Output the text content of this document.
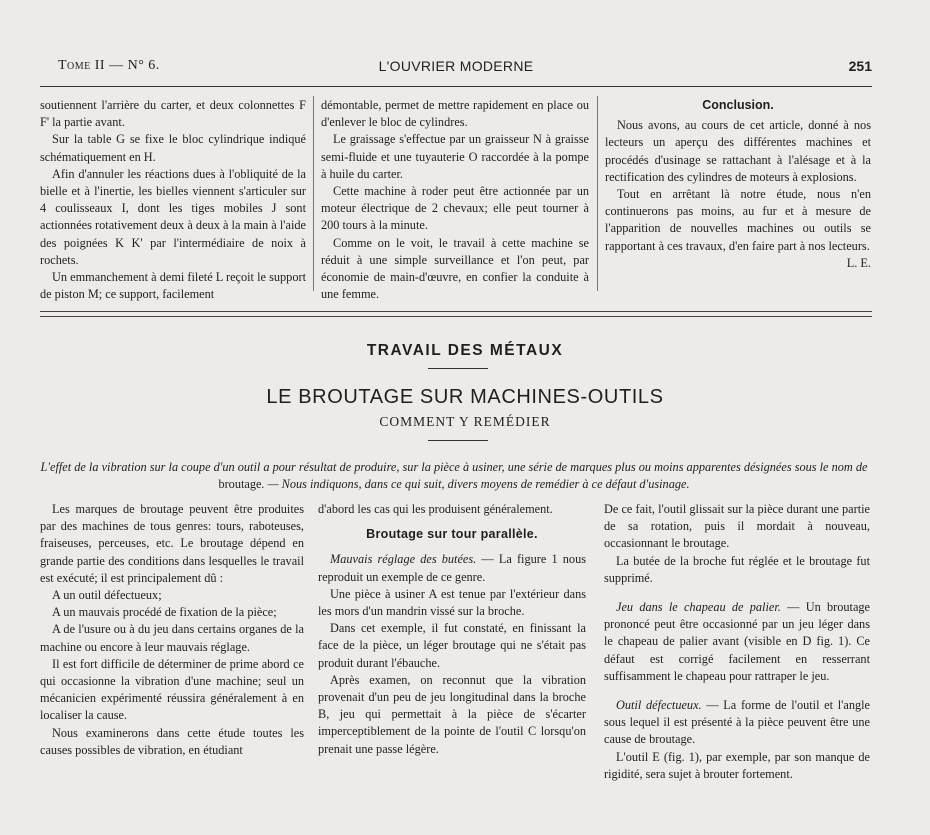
Tome II — N° 6.	L'OUVRIER MODERNE	251

soutiennent l'arrière du carter, et deux colonnettes F F' la partie avant.

Sur la table G se fixe le bloc cylindrique indiqué schématiquement en H.

Afin d'annuler les réactions dues à l'obliquité de la bielle et à l'inertie, les bielles viennent s'articuler sur 4 coulisseaux I, dont les tiges mobiles J sont actionnées rotativement deux à deux à la main à l'aide des poignées K K' par l'intermédiaire de noix à rochets.

Un emmanchement à demi fileté L reçoit le support de piston M; ce support, facilement

démontable, permet de mettre rapidement en place ou d'enlever le bloc de cylindres.

Le graissage s'effectue par un graisseur N à graisse semi-fluide et une tuyauterie O raccordée à la pompe à huile du carter.

Cette machine à roder peut être actionnée par un moteur électrique de 2 chevaux; elle peut tourner à 200 tours à la minute.

Comme on le voit, le travail à cette machine se réduit à une simple surveillance et l'on peut, par économie de main-d'œuvre, en confier la conduite à une femme.

Conclusion.

Nous avons, au cours de cet article, donné à nos lecteurs un aperçu des différentes machines et procédés d'usinage se rattachant à l'alésage et à la rectification des cylindres de moteurs à explosions.

Tout en arrêtant là notre étude, nous n'en continuerons pas moins, au fur et à mesure de l'apparition de nouvelles machines ou outils se rapportant à ces travaux, d'en faire part à nos lecteurs.
L. E.

TRAVAIL DES MÉTAUX
LE BROUTAGE SUR MACHINES-OUTILS
COMMENT Y REMÉDIER
L'effet de la vibration sur la coupe d'un outil a pour résultat de produire, sur la pièce à usiner, une série de marques plus ou moins apparentes désignées sous le nom de broutage. — Nous indiquons, dans ce qui suit, divers moyens de remédier à ce défaut d'usinage.

Les marques de broutage peuvent être produites par des machines de tous genres: tours, raboteuses, fraiseuses, perceuses, etc. Le broutage dépend en grande partie des conditions dans lesquelles le travail est exécuté; il est principalement dû :

A un outil défectueux;

A un mauvais procédé de fixation de la pièce;

A de l'usure ou à du jeu dans certains organes de la machine ou encore à leur mauvais réglage.

Il est fort difficile de déterminer de prime abord ce qui occasionne la vibration d'une machine; seul un mécanicien expérimenté réussira généralement à en localiser la cause.

Nous examinerons dans cette étude toutes les causes possibles de vibration, en étudiant

d'abord les cas qui les produisent généralement.

Broutage sur tour parallèle.

Mauvais réglage des butées. — La figure 1 nous reproduit un exemple de ce genre.

Une pièce à usiner A est tenue par l'extérieur dans les mors d'un mandrin vissé sur la broche.

Dans cet exemple, il fut constaté, en finissant la face de la pièce, un léger broutage qui ne s'était pas produit durant l'ébauche.

Après examen, on reconnut que la vibration provenait d'un peu de jeu longitudinal dans la broche B, jeu qui permettait à la pièce de s'écarter imperceptiblement de la pointe de l'outil C lorsqu'on prenait une passe légère.

De ce fait, l'outil glissait sur la pièce durant une partie de sa rotation, puis il mordait à nouveau, occasionnant le broutage.

La butée de la broche fut réglée et le broutage fut supprimé.

Jeu dans le chapeau de palier. — Un broutage prononcé peut être occasionné par un jeu léger dans le chapeau de palier avant (visible en D fig. 1). Ce défaut est corrigé facilement en resserrant suffisamment le chapeau pour rattraper le jeu.

Outil défectueux. — La forme de l'outil et l'angle sous lequel il est présenté à la pièce peuvent être une cause de broutage.

L'outil E (fig. 1), par exemple, par son manque de rigidité, sera sujet à brouter fortement.
